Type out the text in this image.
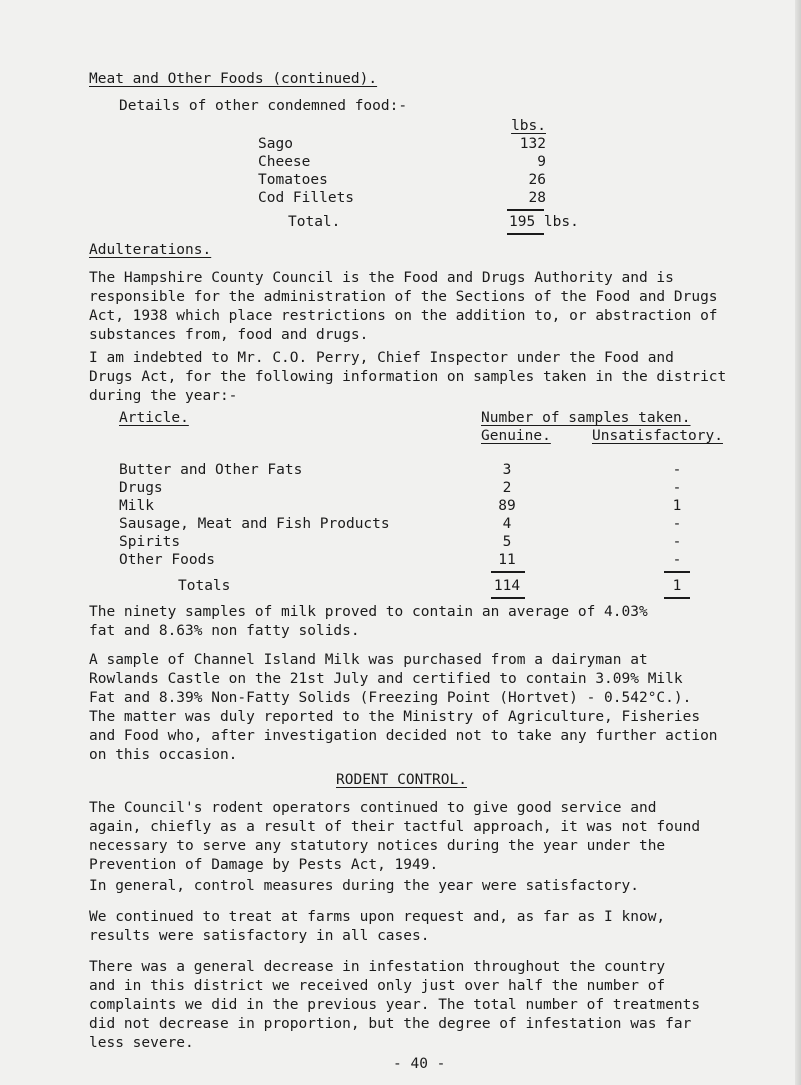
Meat and Other Foods (continued).
Details of other condemned food:-
lbs.
Sago	132
Cheese	9
Tomatoes	26
Cod Fillets	28
Total.	195 lbs.
Adulterations.
The Hampshire County Council is the Food and Drugs Authority and is
responsible for the administration of the Sections of the Food and Drugs
Act, 1938 which place restrictions on the addition to, or abstraction of
substances from, food and drugs.
I am indebted to Mr. C.O. Perry, Chief Inspector under the Food and
Drugs Act, for the following information on samples taken in the district
during the year:-
Article.	Number of samples taken.
Genuine.	Unsatisfactory.
Butter and Other Fats	3	-
Drugs	2	-
Milk	89	1
Sausage, Meat and Fish Products	4	-
Spirits	5	-
Other Foods	11	-
Totals	114	1
The ninety samples of milk proved to contain an average of 4.03%
fat and 8.63% non fatty solids.
A sample of Channel Island Milk was purchased from a dairyman at
Rowlands Castle on the 21st July and certified to contain 3.09% Milk
Fat and 8.39% Non-Fatty Solids (Freezing Point (Hortvet) - 0.542°C.).
The matter was duly reported to the Ministry of Agriculture, Fisheries
and Food who, after investigation decided not to take any further action
on this occasion.
RODENT CONTROL.
The Council's rodent operators continued to give good service and
again, chiefly as a result of their tactful approach, it was not found
necessary to serve any statutory notices during the year under the
Prevention of Damage by Pests Act, 1949.
In general, control measures during the year were satisfactory.
We continued to treat at farms upon request and, as far as I know,
results were satisfactory in all cases.
There was a general decrease in infestation throughout the country
and in this district we received only just over half the number of
complaints we did in the previous year. The total number of treatments
did not decrease in proportion, but the degree of infestation was far
less severe.
- 40 -
